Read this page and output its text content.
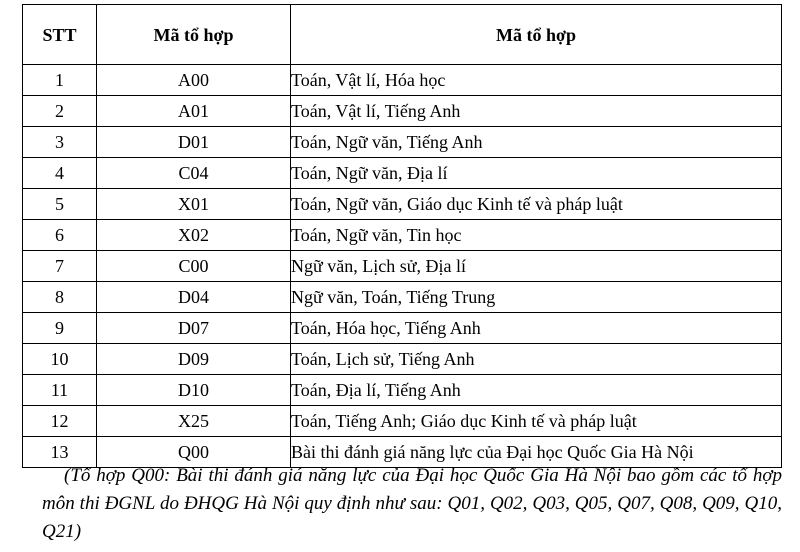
STT	Mã tổ hợp	Mã tổ hợp
1	A00	Toán, Vật lí, Hóa học
2	A01	Toán, Vật lí, Tiếng Anh
3	D01	Toán, Ngữ văn, Tiếng Anh
4	C04	Toán, Ngữ văn, Địa lí
5	X01	Toán, Ngữ văn, Giáo dục Kinh tế và pháp luật
6	X02	Toán, Ngữ văn, Tin học
7	C00	Ngữ văn, Lịch sử, Địa lí
8	D04	Ngữ văn, Toán, Tiếng Trung
9	D07	Toán, Hóa học, Tiếng Anh
10	D09	Toán, Lịch sử, Tiếng Anh
11	D10	Toán, Địa lí, Tiếng Anh
12	X25	Toán, Tiếng Anh; Giáo dục Kinh tế và pháp luật
13	Q00	Bài thi đánh giá năng lực của Đại học Quốc Gia Hà Nội

(Tổ hợp Q00: Bài thi đánh giá năng lực của Đại học Quốc Gia Hà Nội bao gồm các tổ hợp môn thi ĐGNL do ĐHQG Hà Nội quy định như sau: Q01, Q02, Q03, Q05, Q07, Q08, Q09, Q10, Q21)
